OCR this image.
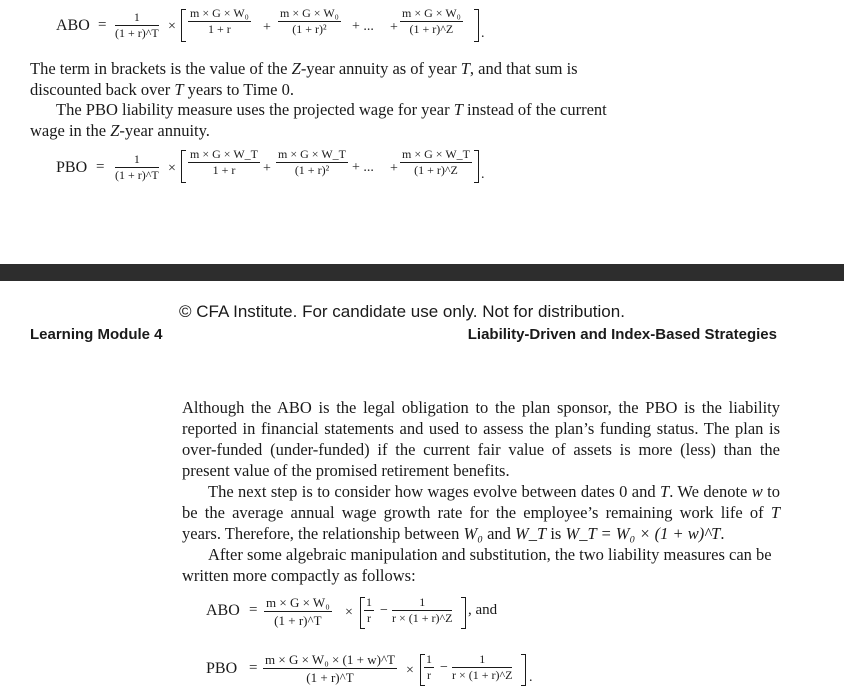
ABO = $\frac{1}{(1 + r)\^{}T} \times \frac{\text{m × G × W₀}}{1 + r} + \frac{\text{m × G × W₀}}{\text{(1 + r)²}}$ + ... + $\frac{\text{m × G × W₀}}{(1 + r)\^{}Z}$ .

The term in brackets is the value of the Z-year annuity as of year T, and that sum is discounted back over T years to Time 0.

The PBO liability measure uses the projected wage for year T instead of the current wage in the Z-year annuity.

PBO = $\frac{1}{(1 + r)\^{}T} \times \frac{m \times G \times W\_T}{1 + r} + \frac{m \times G \times W\_T}{\text{(1 + r)²}}$ + ... + $\frac{m \times G \times W\_T}{(1 + r)\^{}Z}$ .
© CFA Institute. For candidate use only. Not for distribution.
Learning Module 4	Liability-Driven and Index-Based Strategies

Although the ABO is the legal obligation to the plan sponsor, the PBO is the liability reported in financial statements and used to assess the plan’s funding status. The plan is over-funded (under-funded) if the current fair value of assets is more (less) than the present value of the promised retirement benefits.

The next step is to consider how wages evolve between dates 0 and T. We denote w to be the average annual wage growth rate for the employee’s remaining work life of T years. Therefore, the relationship between W₀ and W_T is W_T = W₀ × (1 + w)^T.

After some algebraic manipulation and substitution, the two liability measures can be written more compactly as follows:

ABO = $\frac{\text{m × G × W₀}}{(1 + r)\^{}T} \times \frac{1}{r} - \frac{1}{r \times (1 + r)\^{}Z}$ , and
PBO = $\frac{\text{m × G × W₀ × (1 + w)\textasciicircum{}T}}{(1 + r)\^{}T} \times \frac{1}{r} - \frac{1}{r \times (1 + r)\^{}Z}$ .
